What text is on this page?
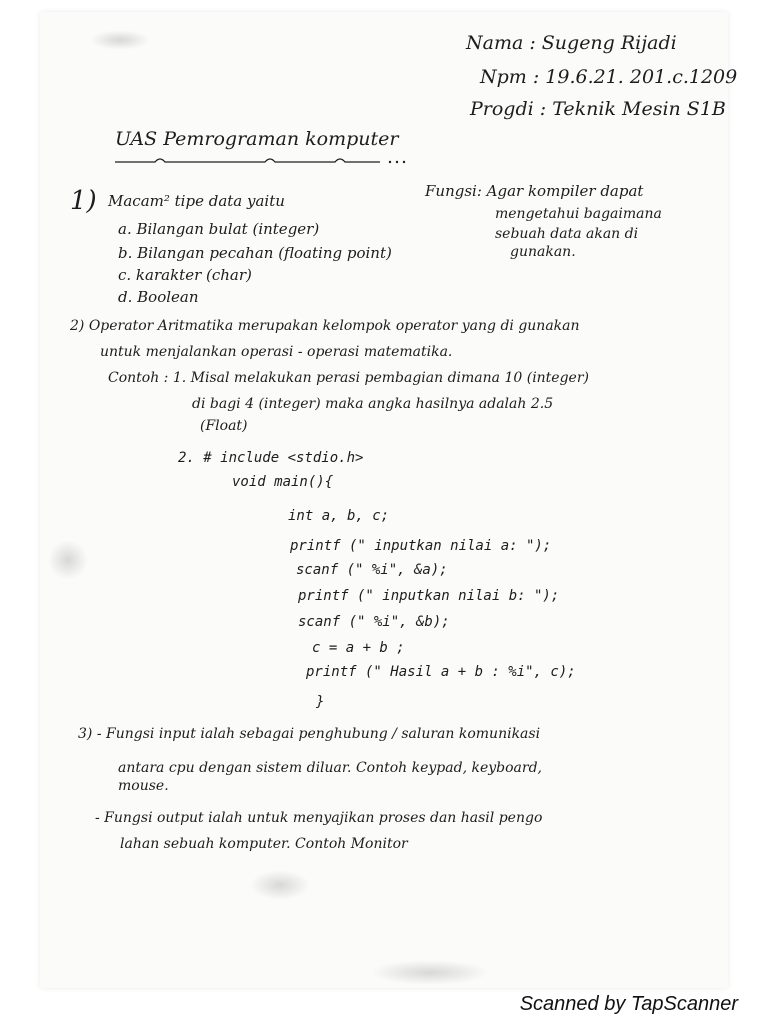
Nama : Sugeng Rijadi
Npm : 19.6.21. 201.c.1209
Progdi : Teknik Mesin S1B
UAS Pemrograman komputer
1) Macam² tipe data yaitu
a. Bilangan bulat (integer)
b. Bilangan pecahan (floating point)
c. karakter (char)
d. Boolean
Fungsi: Agar kompiler dapat
mengetahui bagaimana
sebuah data akan di
gunakan.
2) Operator Aritmatika merupakan kelompok operator yang di gunakan
untuk menjalankan operasi - operasi matematika.
Contoh : 1. Misal melakukan perasi pembagian dimana 10 (integer)
di bagi 4 (integer) maka angka hasilnya adalah 2.5
(Float)
2. # include <stdio.h>
void main(){
int a, b, c;
printf (" inputkan nilai a: ");
scanf (" %i", &a);
printf (" inputkan nilai b: ");
scanf (" %i", &b);
c = a + b ;
printf (" Hasil a + b : %i", c);
}
3) - Fungsi input ialah sebagai penghubung / saluran komunikasi
antara cpu dengan sistem diluar. Contoh keypad, keyboard,
mouse.
- Fungsi output ialah untuk menyajikan proses dan hasil pengo
lahan sebuah komputer. Contoh Monitor
Scanned by TapScanner
